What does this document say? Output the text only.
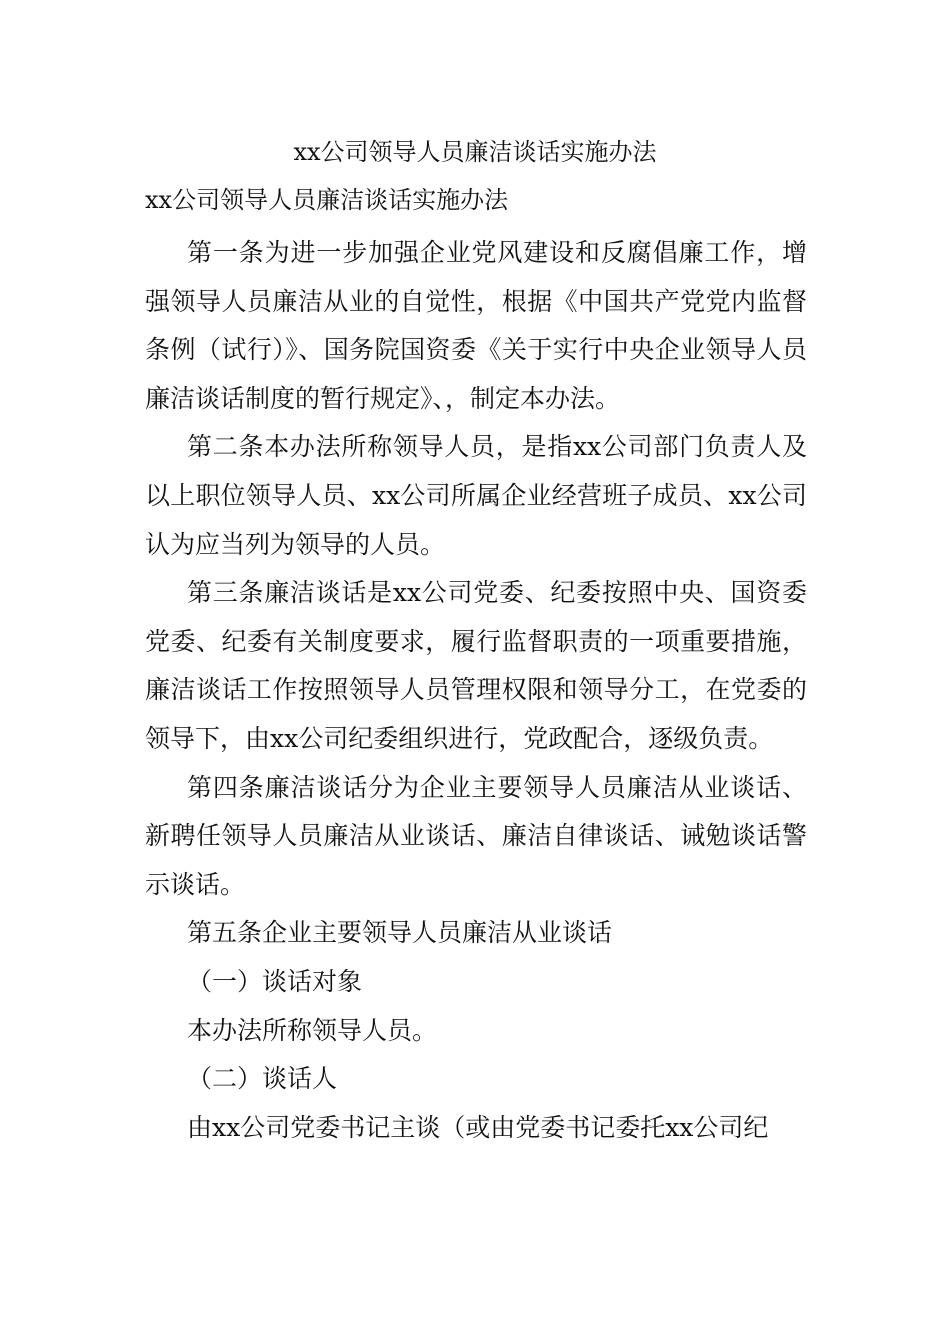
xx公司领导人员廉洁谈话实施办法
xx公司领导人员廉洁谈话实施办法

第一条为进一步加强企业党风建设和反腐倡廉工作，增强领导人员廉洁从业的自觉性，根据《中国共产党党内监督条例（试行）》、国务院国资委《关于实行中央企业领导人员廉洁谈话制度的暂行规定》、，制定本办法。

第二条本办法所称领导人员，是指xx公司部门负责人及以上职位领导人员、xx公司所属企业经营班子成员、xx公司认为应当列为领导的人员。

第三条廉洁谈话是xx公司党委、纪委按照中央、国资委党委、纪委有关制度要求，履行监督职责的一项重要措施，廉洁谈话工作按照领导人员管理权限和领导分工，在党委的领导下，由xx公司纪委组织进行，党政配合，逐级负责。

第四条廉洁谈话分为企业主要领导人员廉洁从业谈话、新聘任领导人员廉洁从业谈话、廉洁自律谈话、诫勉谈话警示谈话。

第五条企业主要领导人员廉洁从业谈话

（一）谈话对象

本办法所称领导人员。

（二）谈话人

由xx公司党委书记主谈（或由党委书记委托xx公司纪
